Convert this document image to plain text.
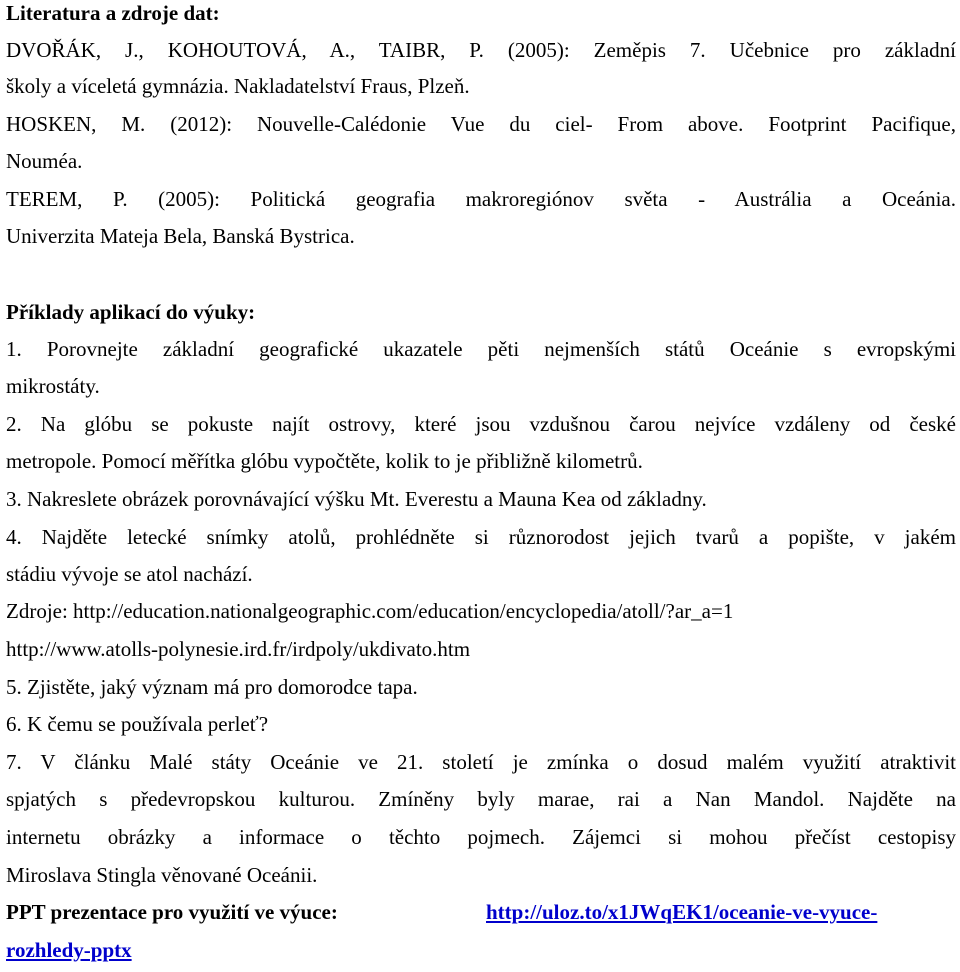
Literatura a zdroje dat:
DVOŘÁK, J., KOHOUTOVÁ, A., TAIBR, P. (2005): Zeměpis 7. Učebnice pro základní
školy a víceletá gymnázia. Nakladatelství Fraus, Plzeň.
HOSKEN, M. (2012): Nouvelle-Calédonie Vue du ciel- From above. Footprint Pacifique,
Nouméa.
TEREM, P. (2005): Politická geografia makroregiónov světa - Austrália a Oceánia.
Univerzita Mateja Bela, Banská Bystrica.
Příklady aplikací do výuky:
1. Porovnejte základní geografické ukazatele pěti nejmenších států Oceánie s evropskými
mikrostáty.
2. Na glóbu se pokuste najít ostrovy, které jsou vzdušnou čarou nejvíce vzdáleny od české
metropole. Pomocí měřítka glóbu vypočtěte, kolik to je přibližně kilometrů.
3. Nakreslete obrázek porovnávající výšku Mt. Everestu a Mauna Kea od základny.
4. Najděte letecké snímky atolů, prohlédněte si různorodost jejich tvarů a popište, v jakém
stádiu vývoje se atol nachází.
Zdroje: http://education.nationalgeographic.com/education/encyclopedia/atoll/?ar_a=1
http://www.atolls-polynesie.ird.fr/irdpoly/ukdivato.htm
5. Zjistěte, jaký význam má pro domorodce tapa.
6. K čemu se používala perleť?
7. V článku Malé státy Oceánie ve 21. století je zmínka o dosud malém využití atraktivit
spjatých s předevropskou kulturou. Zmíněny byly marae, rai a Nan Mandol. Najděte na
internetu obrázky a informace o těchto pojmech. Zájemci si mohou přečíst cestopisy
Miroslava Stingla věnované Oceánii.
PPT prezentace pro využití ve výuce:	http://uloz.to/x1JWqEK1/oceanie-ve-vyuce-
rozhledy-pptx
